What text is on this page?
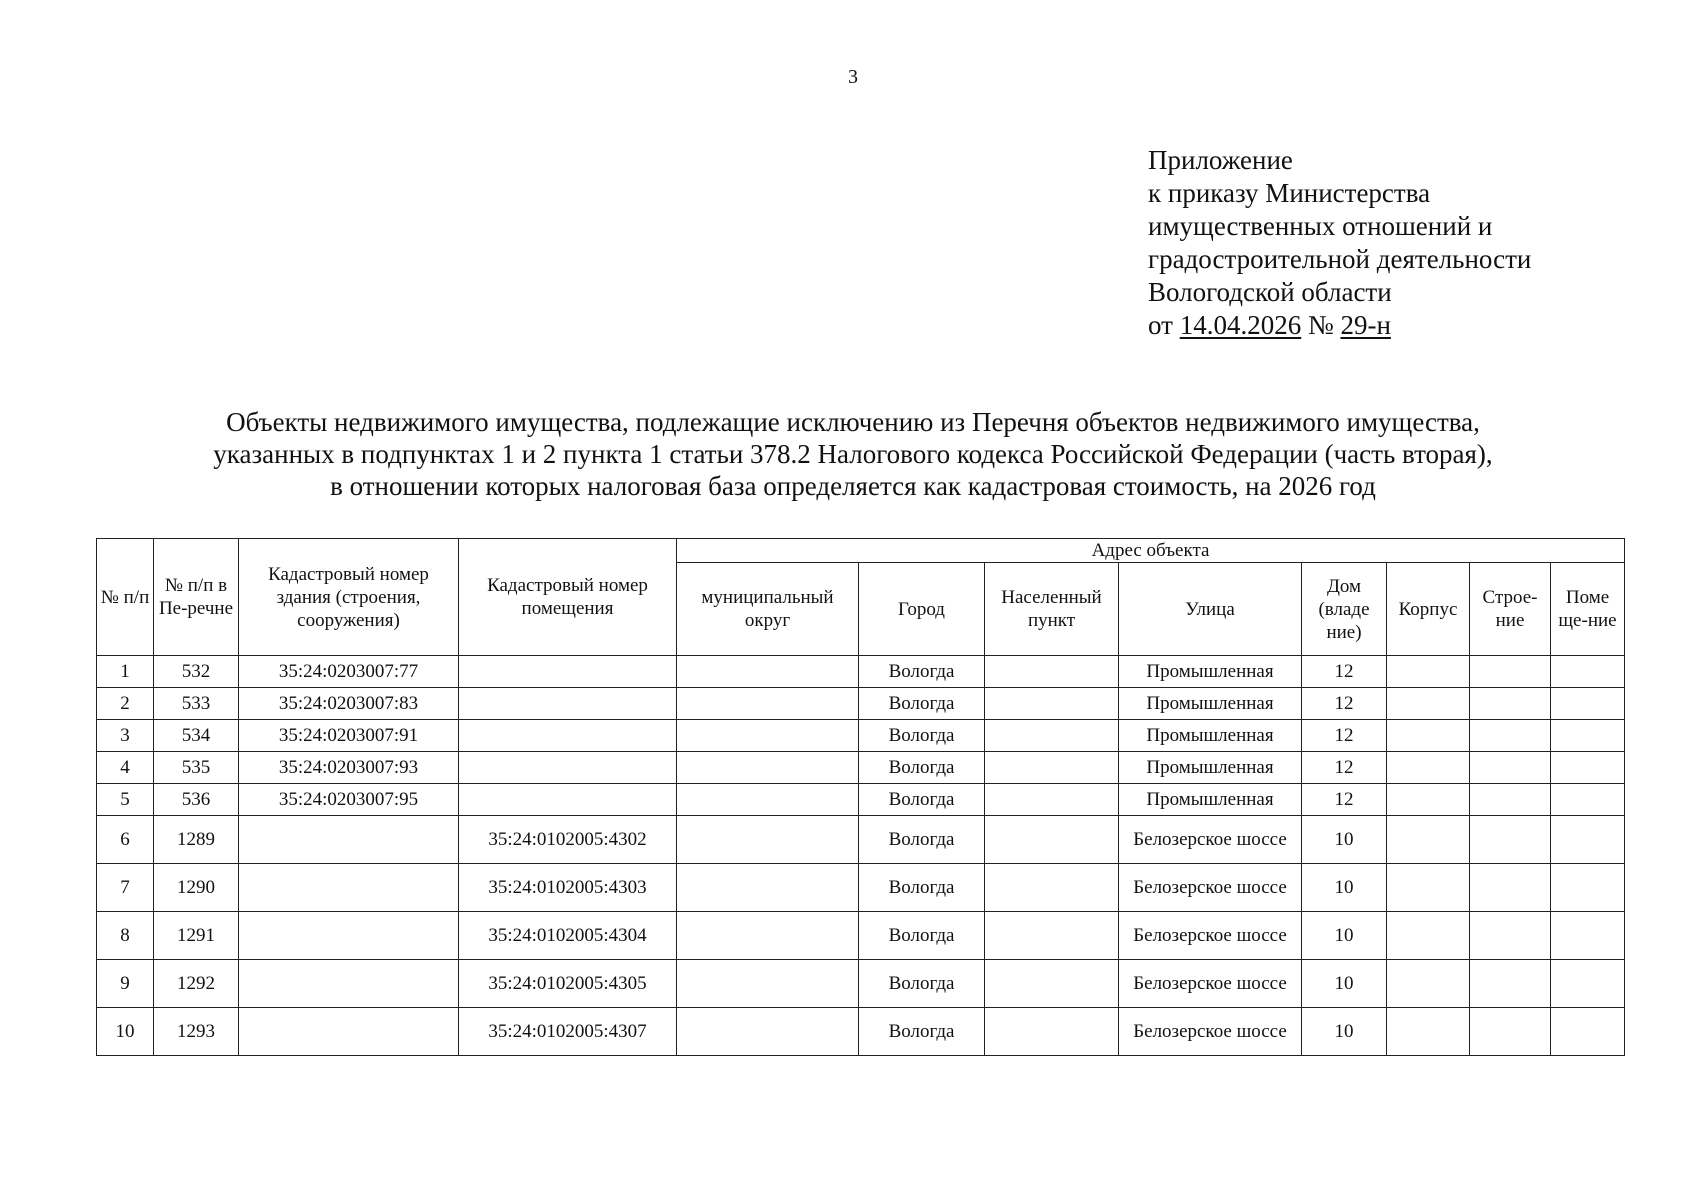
3
Приложение
к приказу Министерства
имущественных отношений и
градостроительной деятельности
Вологодской области
от 14.04.2026 № 29-н
Объекты недвижимого имущества, подлежащие исключению из Перечня объектов недвижимого имущества,
указанных в подпунктах 1 и 2 пункта 1 статьи 378.2 Налогового кодекса Российской Федерации (часть вторая),
в отношении которых налоговая база определяется как кадастровая стоимость, на 2026 год
№ п/п	№ п/п в Пе-речне	Кадастровый номер здания (строения, сооружения)	Кадастровый номер помещения	Адрес объекта							
				муниципальный округ	Город	Населенный пункт	Улица	Дом (владе ние)	Корпус	Строе-ние	Поме ще-ние
1	532	35:24:0203007:77			Вологда		Промышленная	12			
2	533	35:24:0203007:83			Вологда		Промышленная	12			
3	534	35:24:0203007:91			Вологда		Промышленная	12			
4	535	35:24:0203007:93			Вологда		Промышленная	12			
5	536	35:24:0203007:95			Вологда		Промышленная	12			
6	1289		35:24:0102005:4302		Вологда		Белозерское шоссе	10			
7	1290		35:24:0102005:4303		Вологда		Белозерское шоссе	10			
8	1291		35:24:0102005:4304		Вологда		Белозерское шоссе	10			
9	1292		35:24:0102005:4305		Вологда		Белозерское шоссе	10			
10	1293		35:24:0102005:4307		Вологда		Белозерское шоссе	10			
